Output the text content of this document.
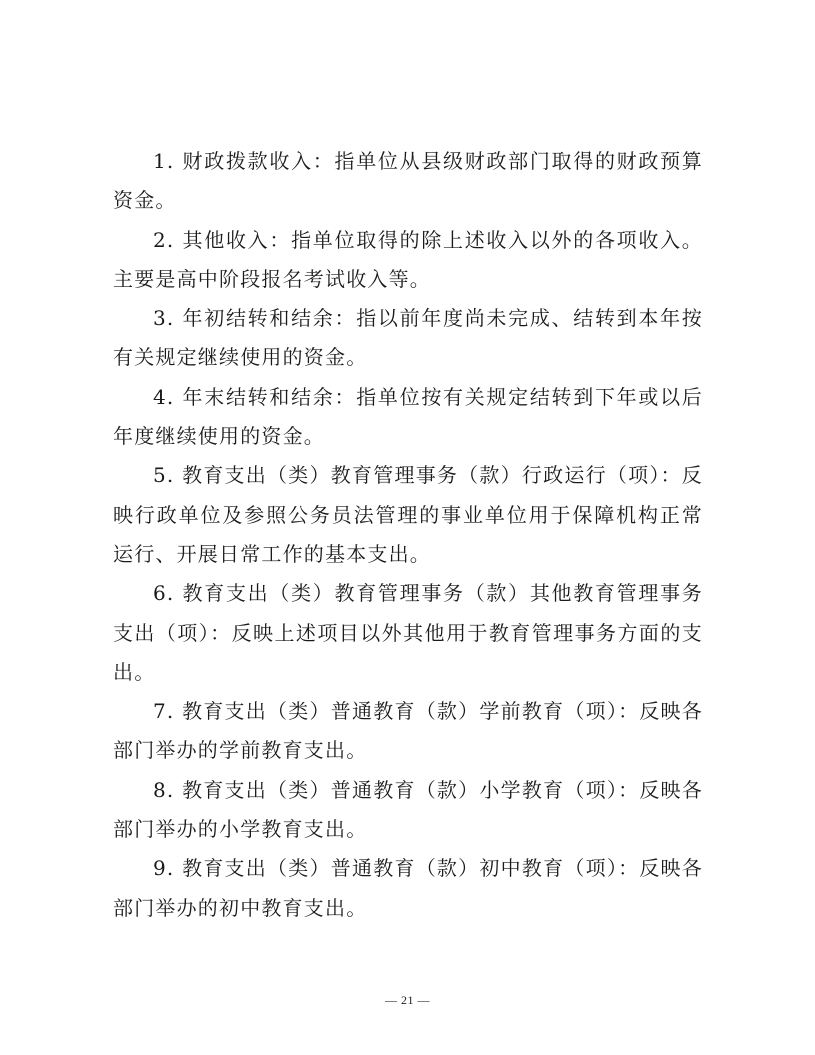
1. 财政拨款收入：指单位从县级财政部门取得的财政预算资金。

2. 其他收入：指单位取得的除上述收入以外的各项收入。主要是高中阶段报名考试收入等。

3. 年初结转和结余：指以前年度尚未完成、结转到本年按有关规定继续使用的资金。

4. 年末结转和结余：指单位按有关规定结转到下年或以后年度继续使用的资金。

5. 教育支出（类）教育管理事务（款）行政运行（项）：反映行政单位及参照公务员法管理的事业单位用于保障机构正常运行、开展日常工作的基本支出。

6. 教育支出（类）教育管理事务（款）其他教育管理事务支出（项）：反映上述项目以外其他用于教育管理事务方面的支出。

7. 教育支出（类）普通教育（款）学前教育（项）：反映各部门举办的学前教育支出。

8. 教育支出（类）普通教育（款）小学教育（项）：反映各部门举办的小学教育支出。

9. 教育支出（类）普通教育（款）初中教育（项）：反映各部门举办的初中教育支出。

— 21 —
